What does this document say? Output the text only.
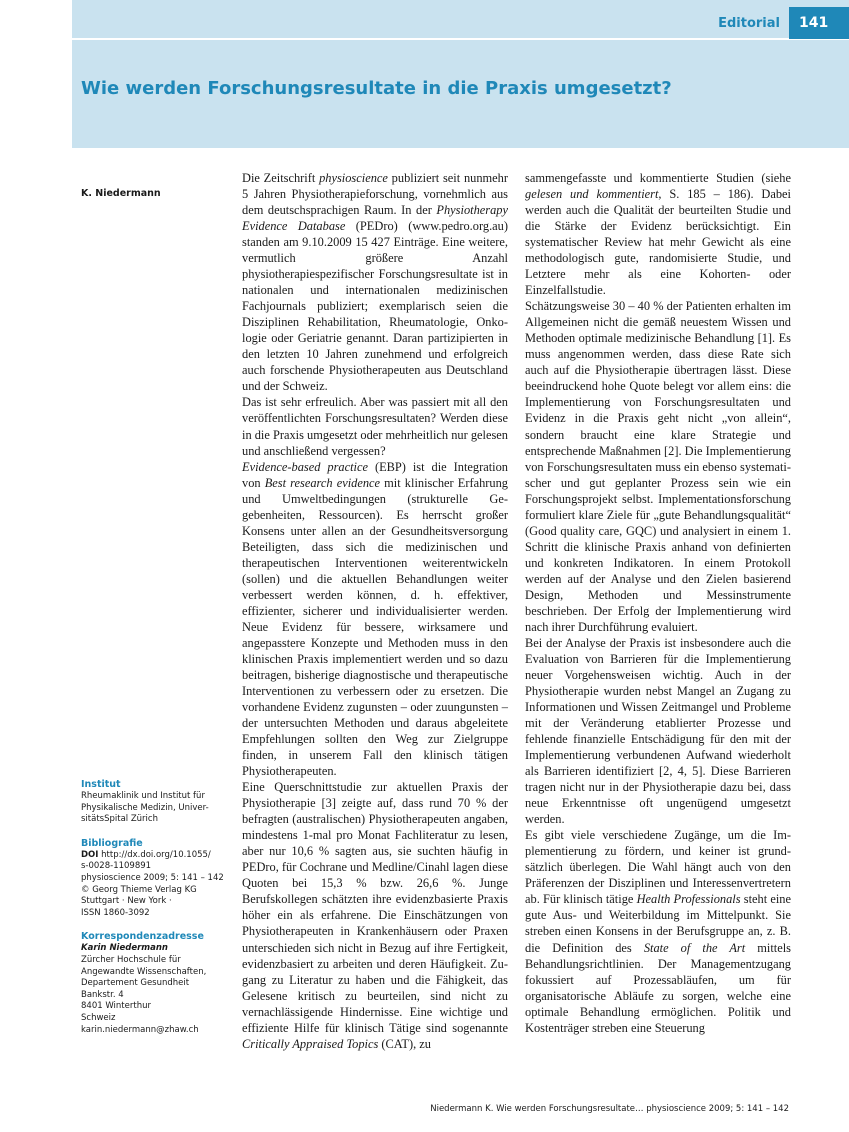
Editorial	141
Wie werden Forschungsresultate in die Praxis umgesetzt?
K. Niedermann
Institut
Rheumaklinik und Institut für
Physikalische Medizin, Univer-
sitätsSpital Zürich
Bibliografie
DOI http://dx.doi.org/10.1055/
s-0028-1109891
physioscience 2009; 5: 141 – 142
© Georg Thieme Verlag KG
Stuttgart · New York ·
ISSN 1860-3092
Korrespondenzadresse
Karin Niedermann
Zürcher Hochschule für
Angewandte Wissenschaften,
Departement Gesundheit
Bankstr. 4
8401 Winterthur
Schweiz
karin.niedermann@zhaw.ch

Die Zeitschrift physioscience publiziert seit nunmehr 5 Jahren Physiotherapieforschung, vornehmlich aus dem deutschsprachigen Raum. In der Physiotherapy Evidence Database (PEDro) (www.pedro.org.au) standen am 9.10.2009 15 427 Einträge. Eine weitere, vermutlich größere Anzahl physiotherapiespezifischer Forschungsresultate ist in nationalen und internationalen medizinischen Fachjournals publiziert; exemplarisch seien die Disziplinen Rehabilitation, Rheumatologie, Onkologie oder Geriatrie genannt. Daran partizipierten in den letzten 10 Jahren zunehmend und erfolgreich auch forschende Physiotherapeuten aus Deutschland und der Schweiz.
Das ist sehr erfreulich. Aber was passiert mit all den veröffentlichten Forschungsresultaten? Werden diese in die Praxis umgesetzt oder mehrheitlich nur gelesen und anschließend vergessen?
Evidence-based practice (EBP) ist die Integration von Best research evidence mit klinischer Erfahrung und Umweltbedingungen (strukturelle Gegebenheiten, Ressourcen). Es herrscht großer Konsens unter allen an der Gesundheitsversorgung Beteiligten, dass sich die medizinischen und therapeutischen Interventionen weiterentwickeln (sollen) und die aktuellen Behandlungen weiter verbessert werden können, d. h. effektiver, effizienter, sicherer und individualisierter werden. Neue Evidenz für bessere, wirksamere und angepasstere Konzepte und Methoden muss in den klinischen Praxis implementiert werden und so dazu beitragen, bisherige diagnostische und therapeutische Interventionen zu verbessern oder zu ersetzen. Die vorhandene Evidenz zugunsten – oder zuungunsten – der untersuchten Methoden und daraus abgeleitete Empfehlungen sollten den Weg zur Zielgruppe finden, in unserem Fall den klinisch tätigen Physiotherapeuten.
Eine Querschnittstudie zur aktuellen Praxis der Physiotherapie [3] zeigte auf, dass rund 70 % der befragten (australischen) Physiotherapeuten angaben, mindestens 1-mal pro Monat Fachliteratur zu lesen, aber nur 10,6 % sagten aus, sie suchten häufig in PEDro, für Cochrane und Medline/Cinahl lagen diese Quoten bei 15,3 % bzw. 26,6 %. Junge Berufskollegen schätzten ihre evidenzbasierte Praxis höher ein als erfahrene. Die Einschätzungen von Physiotherapeuten in Krankenhäusern oder Praxen unterschieden sich nicht in Bezug auf ihre Fertigkeit, evidenzbasiert zu arbeiten und deren Häufigkeit. Zugang zu Literatur zu haben und die Fähigkeit, das Gelesene kritisch zu beurteilen, sind nicht zu vernachlässigende Hindernisse. Eine wichtige und effiziente Hilfe für klinisch Tätige sind sogenannte Critically Appraised Topics (CAT), zu

sammengefasste und kommentierte Studien (siehe gelesen und kommentiert, S. 185 – 186). Dabei werden auch die Qualität der beurteilten Studie und die Stärke der Evidenz berücksichtigt. Ein systematischer Review hat mehr Gewicht als eine methodologisch gute, randomisierte Studie, und Letztere mehr als eine Kohorten- oder Einzelfallstudie.
Schätzungsweise 30 – 40 % der Patienten erhalten im Allgemeinen nicht die gemäß neuestem Wissen und Methoden optimale medizinische Behandlung [1]. Es muss angenommen werden, dass diese Rate sich auch auf die Physiotherapie übertragen lässt. Diese beeindruckend hohe Quote belegt vor allem eins: die Implementierung von Forschungsresultaten und Evidenz in die Praxis geht nicht „von allein“, sondern braucht eine klare Strategie und entsprechende Maßnahmen [2]. Die Implementierung von Forschungsresultaten muss ein ebenso systematischer und gut geplanter Prozess sein wie ein Forschungsprojekt selbst. Implementationsforschung formuliert klare Ziele für „gute Behandlungsqualität“ (Good quality care, GQC) und analysiert in einem 1. Schritt die klinische Praxis anhand von definierten und konkreten Indikatoren. In einem Protokoll werden auf der Analyse und den Zielen basierend Design, Methoden und Messinstrumente beschrieben. Der Erfolg der Implementierung wird nach ihrer Durchführung evaluiert.
Bei der Analyse der Praxis ist insbesondere auch die Evaluation von Barrieren für die Implementierung neuer Vorgehensweisen wichtig. Auch in der Physiotherapie wurden nebst Mangel an Zugang zu Informationen und Wissen Zeitmangel und Probleme mit der Veränderung etablierter Prozesse und fehlende finanzielle Entschädigung für den mit der Implementierung verbundenen Aufwand wiederholt als Barrieren identifiziert [2, 4, 5]. Diese Barrieren tragen nicht nur in der Physiotherapie dazu bei, dass neue Erkenntnisse oft ungenügend umgesetzt werden.
Es gibt viele verschiedene Zugänge, um die Implementierung zu fördern, und keiner ist grundsätzlich überlegen. Die Wahl hängt auch von den Präferenzen der Disziplinen und Interessenvertretern ab. Für klinisch tätige Health Professionals steht eine gute Aus- und Weiterbildung im Mittelpunkt. Sie streben einen Konsens in der Berufsgruppe an, z. B. die Definition des State of the Art mittels Behandlungsrichtlinien. Der Managementzugang fokussiert auf Prozessabläufen, um für organisatorische Abläufe zu sorgen, welche eine optimale Behandlung ermöglichen. Politik und Kostenträger streben eine Steuerung

Niedermann K. Wie werden Forschungsresultate… physioscience 2009; 5: 141 – 142
